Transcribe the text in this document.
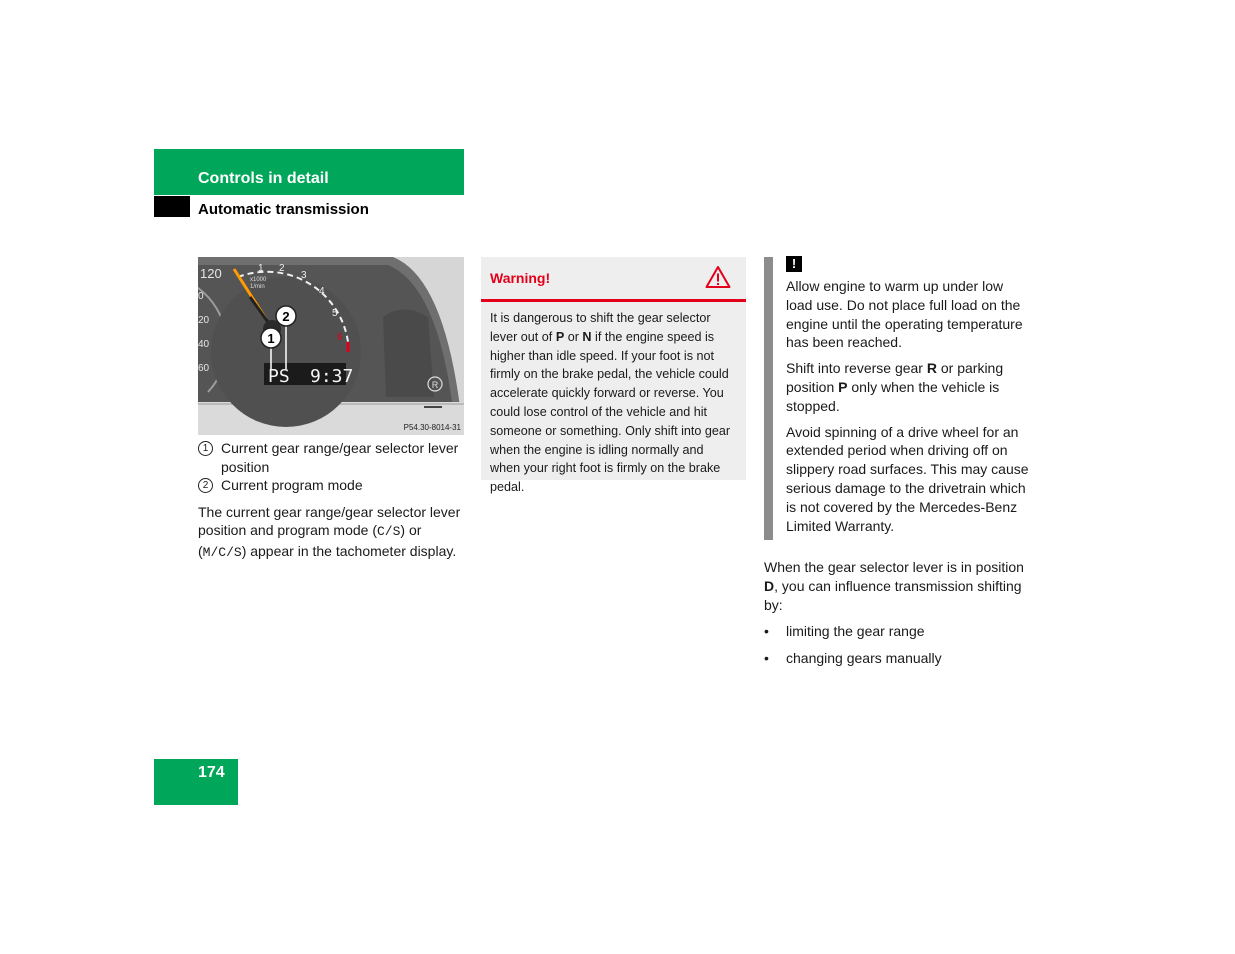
Controls in detail
Automatic transmission
120
0
20
40
60
1 2
3
4
5
6
x1000
1/min
PS 9:37
1
2
R
P54.30-8014-31
1 Current gear range/gear selector lever position
2 Current program mode
The current gear range/gear selector lever position and program mode (C/S) or (M/C/S) appear in the tachometer display.
Warning!
It is dangerous to shift the gear selector lever out of P or N if the engine speed is higher than idle speed. If your foot is not firmly on the brake pedal, the vehicle could accelerate quickly forward or reverse. You could lose control of the vehicle and hit someone or something. Only shift into gear when the engine is idling normally and when your right foot is firmly on the brake pedal.
!

Allow engine to warm up under low load use. Do not place full load on the engine until the operating temperature has been reached.

Shift into reverse gear R or parking position P only when the vehicle is stopped.

Avoid spinning of a drive wheel for an extended period when driving off on slippery road surfaces. This may cause serious damage to the drivetrain which is not covered by the Mercedes-Benz Limited Warranty.

When the gear selector lever is in position D, you can influence transmission shifting by:

•	limiting the gear range
•	changing gears manually
174
